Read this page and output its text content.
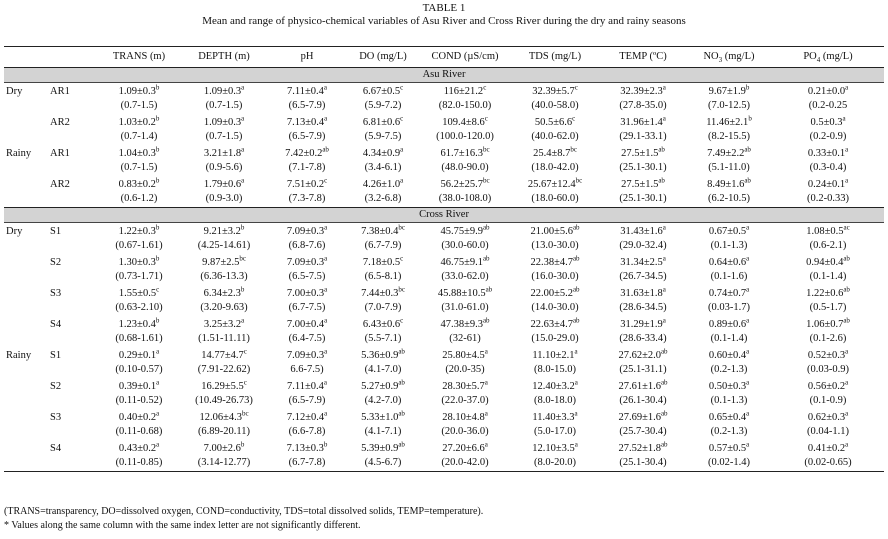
TABLE 1
Mean and range of physico-chemical variables of Asu River and Cross River during the dry and rainy seasons
		TRANS (m)	DEPTH (m)	pH	DO (mg/L)	COND (µS/cm)	TDS (mg/L)	TEMP (ºC)	$NO_3$ (mg/L)	$PO_4$ (mg/L)
Asu River										
Dry	AR1	1.09±0.3$^b$	1.09±0.3$^a$	7.11±0.4$^a$	6.67±0.5$^c$	116±21.2$^c$	32.39±5.7$^c$	32.39±2.3$^a$	9.67±1.9$^b$	0.21±0.0$^a$
		(0.7-1.5)	(0.7-1.5)	(6.5-7.9)	(5.9-7.2)	(82.0-150.0)	(40.0-58.0)	(27.8-35.0)	(7.0-12.5)	(0.2-0.25
	AR2	1.03±0.2$^b$	1.09±0.3$^a$	7.13±0.4$^a$	6.81±0.6$^c$	109.4±8.6$^c$	50.5±6.6$^c$	31.96±1.4$^a$	11.46±2.1$^b$	0.5±0.3$^a$
		(0.7-1.4)	(0.7-1.5)	(6.5-7.9)	(5.9-7.5)	(100.0-120.0)	(40.0-62.0)	(29.1-33.1)	(8.2-15.5)	(0.2-0.9)
Rainy	AR1	1.04±0.3$^b$	3.21±1.8$^a$	7.42±0.2$^{ab}$	4.34±0.9$^a$	61.7±16.3$^{bc}$	25.4±8.7$^{bc}$	27.5±1.5$^{ab}$	7.49±2.2$^{ab}$	0.33±0.1$^a$
		(0.7-1.5)	(0.9-5.6)	(7.1-7.8)	(3.4-6.1)	(48.0-90.0)	(18.0-42.0)	(25.1-30.1)	(5.1-11.0)	(0.3-0.4)
	AR2	0.83±0.2$^b$	1.79±0.6$^a$	7.51±0.2$^c$	4.26±1.0$^a$	56.2±25.7$^{bc}$	25.67±12.4$^{bc}$	27.5±1.5$^{ab}$	8.49±1.6$^{ab}$	0.24±0.1$^a$
		(0.6-1.2)	(0.9-3.0)	(7.3-7.8)	(3.2-6.8)	(38.0-108.0)	(18.0-60.0)	(25.1-30.1)	(6.2-10.5)	(0.2-0.33)
Cross River										
Dry	S1	1.22±0.3$^b$	9.21±3.2$^b$	7.09±0.3$^a$	7.38±0.4$^{bc}$	45.75±9.9$^{ab}$	21.00±5.6$^{ab}$	31.43±1.6$^a$	0.67±0.5$^a$	1.08±0.5$^{ac}$
		(0.67-1.61)	(4.25-14.61)	(6.8-7.6)	(6.7-7.9)	(30.0-60.0)	(13.0-30.0)	(29.0-32.4)	(0.1-1.3)	(0.6-2.1)
	S2	1.30±0.3$^b$	9.87±2.5$^{bc}$	7.09±0.3$^a$	7.18±0.5$^c$	46.75±9.1$^{ab}$	22.38±4.7$^{ab}$	31.34±2.5$^a$	0.64±0.6$^a$	0.94±0.4$^{ab}$
		(0.73-1.71)	(6.36-13.3)	(6.5-7.5)	(6.5-8.1)	(33.0-62.0)	(16.0-30.0)	(26.7-34.5)	(0.1-1.6)	(0.1-1.4)
	S3	1.55±0.5$^c$	6.34±2.3$^b$	7.00±0.3$^a$	7.44±0.3$^{bc}$	45.88±10.5$^{ab}$	22.00±5.2$^{ab}$	31.63±1.8$^a$	0.74±0.7$^a$	1.22±0.6$^{ab}$
		(0.63-2.10)	(3.20-9.63)	(6.7-7.5)	(7.0-7.9)	(31.0-61.0)	(14.0-30.0)	(28.6-34.5)	(0.03-1.7)	(0.5-1.7)
	S4	1.23±0.4$^b$	3.25±3.2$^a$	7.00±0.4$^a$	6.43±0.6$^c$	47.38±9.3$^{ab}$	22.63±4.7$^{ab}$	31.29±1.9$^a$	0.89±0.6$^a$	1.06±0.7$^{ab}$
		(0.68-1.61)	(1.51-11.11)	(6.4-7.5)	(5.5-7.1)	(32-61)	(15.0-29.0)	(28.6-33.4)	(0.1-1.4)	(0.1-2.6)
Rainy	S1	0.29±0.1$^a$	14.77±4.7$^c$	7.09±0.3$^a$	5.36±0.9$^{ab}$	25.80±4.5$^a$	11.10±2.1$^a$	27.62±2.0$^{ab}$	0.60±0.4$^a$	0.52±0.3$^a$
		(0.10-0.57)	(7.91-22.62)	6.6-7.5)	(4.1-7.0)	(20.0-35)	(8.0-15.0)	(25.1-31.1)	(0.2-1.3)	(0.03-0.9)
	S2	0.39±0.1$^a$	16.29±5.5$^c$	7.11±0.4$^a$	5.27±0.9$^{ab}$	28.30±5.7$^a$	12.40±3.2$^a$	27.61±1.6$^{ab}$	0.50±0.3$^a$	0.56±0.2$^a$
		(0.11-0.52)	(10.49-26.73)	(6.5-7.9)	(4.2-7.0)	(22.0-37.0)	(8.0-18.0)	(26.1-30.4)	(0.1-1.3)	(0.1-0.9)
	S3	0.40±0.2$^a$	12.06±4.3$^{bc}$	7.12±0.4$^a$	5.33±1.0$^{ab}$	28.10±4.8$^a$	11.40±3.3$^a$	27.69±1.6$^{ab}$	0.65±0.4$^a$	0.62±0.3$^a$
		(0.11-0.68)	(6.89-20.11)	(6.6-7.8)	(4.1-7.1)	(20.0-36.0)	(5.0-17.0)	(25.7-30.4)	(0.2-1.3)	(0.04-1.1)
	S4	0.43±0.2$^a$	7.00±2.6$^b$	7.13±0.3$^b$	5.39±0.9$^{ab}$	27.20±6.6$^a$	12.10±3.5$^a$	27.52±1.8$^{ab}$	0.57±0.5$^a$	0.41±0.2$^a$
		(0.11-0.85)	(3.14-12.77)	(6.7-7.8)	(4.5-6.7)	(20.0-42.0)	(8.0-20.0)	(25.1-30.4)	(0.02-1.4)	(0.02-0.65)
(TRANS=transparency, DO=dissolved oxygen, COND=conductivity, TDS=total dissolved solids, TEMP=temperature).
* Values along the same column with the same index letter are not significantly different.
